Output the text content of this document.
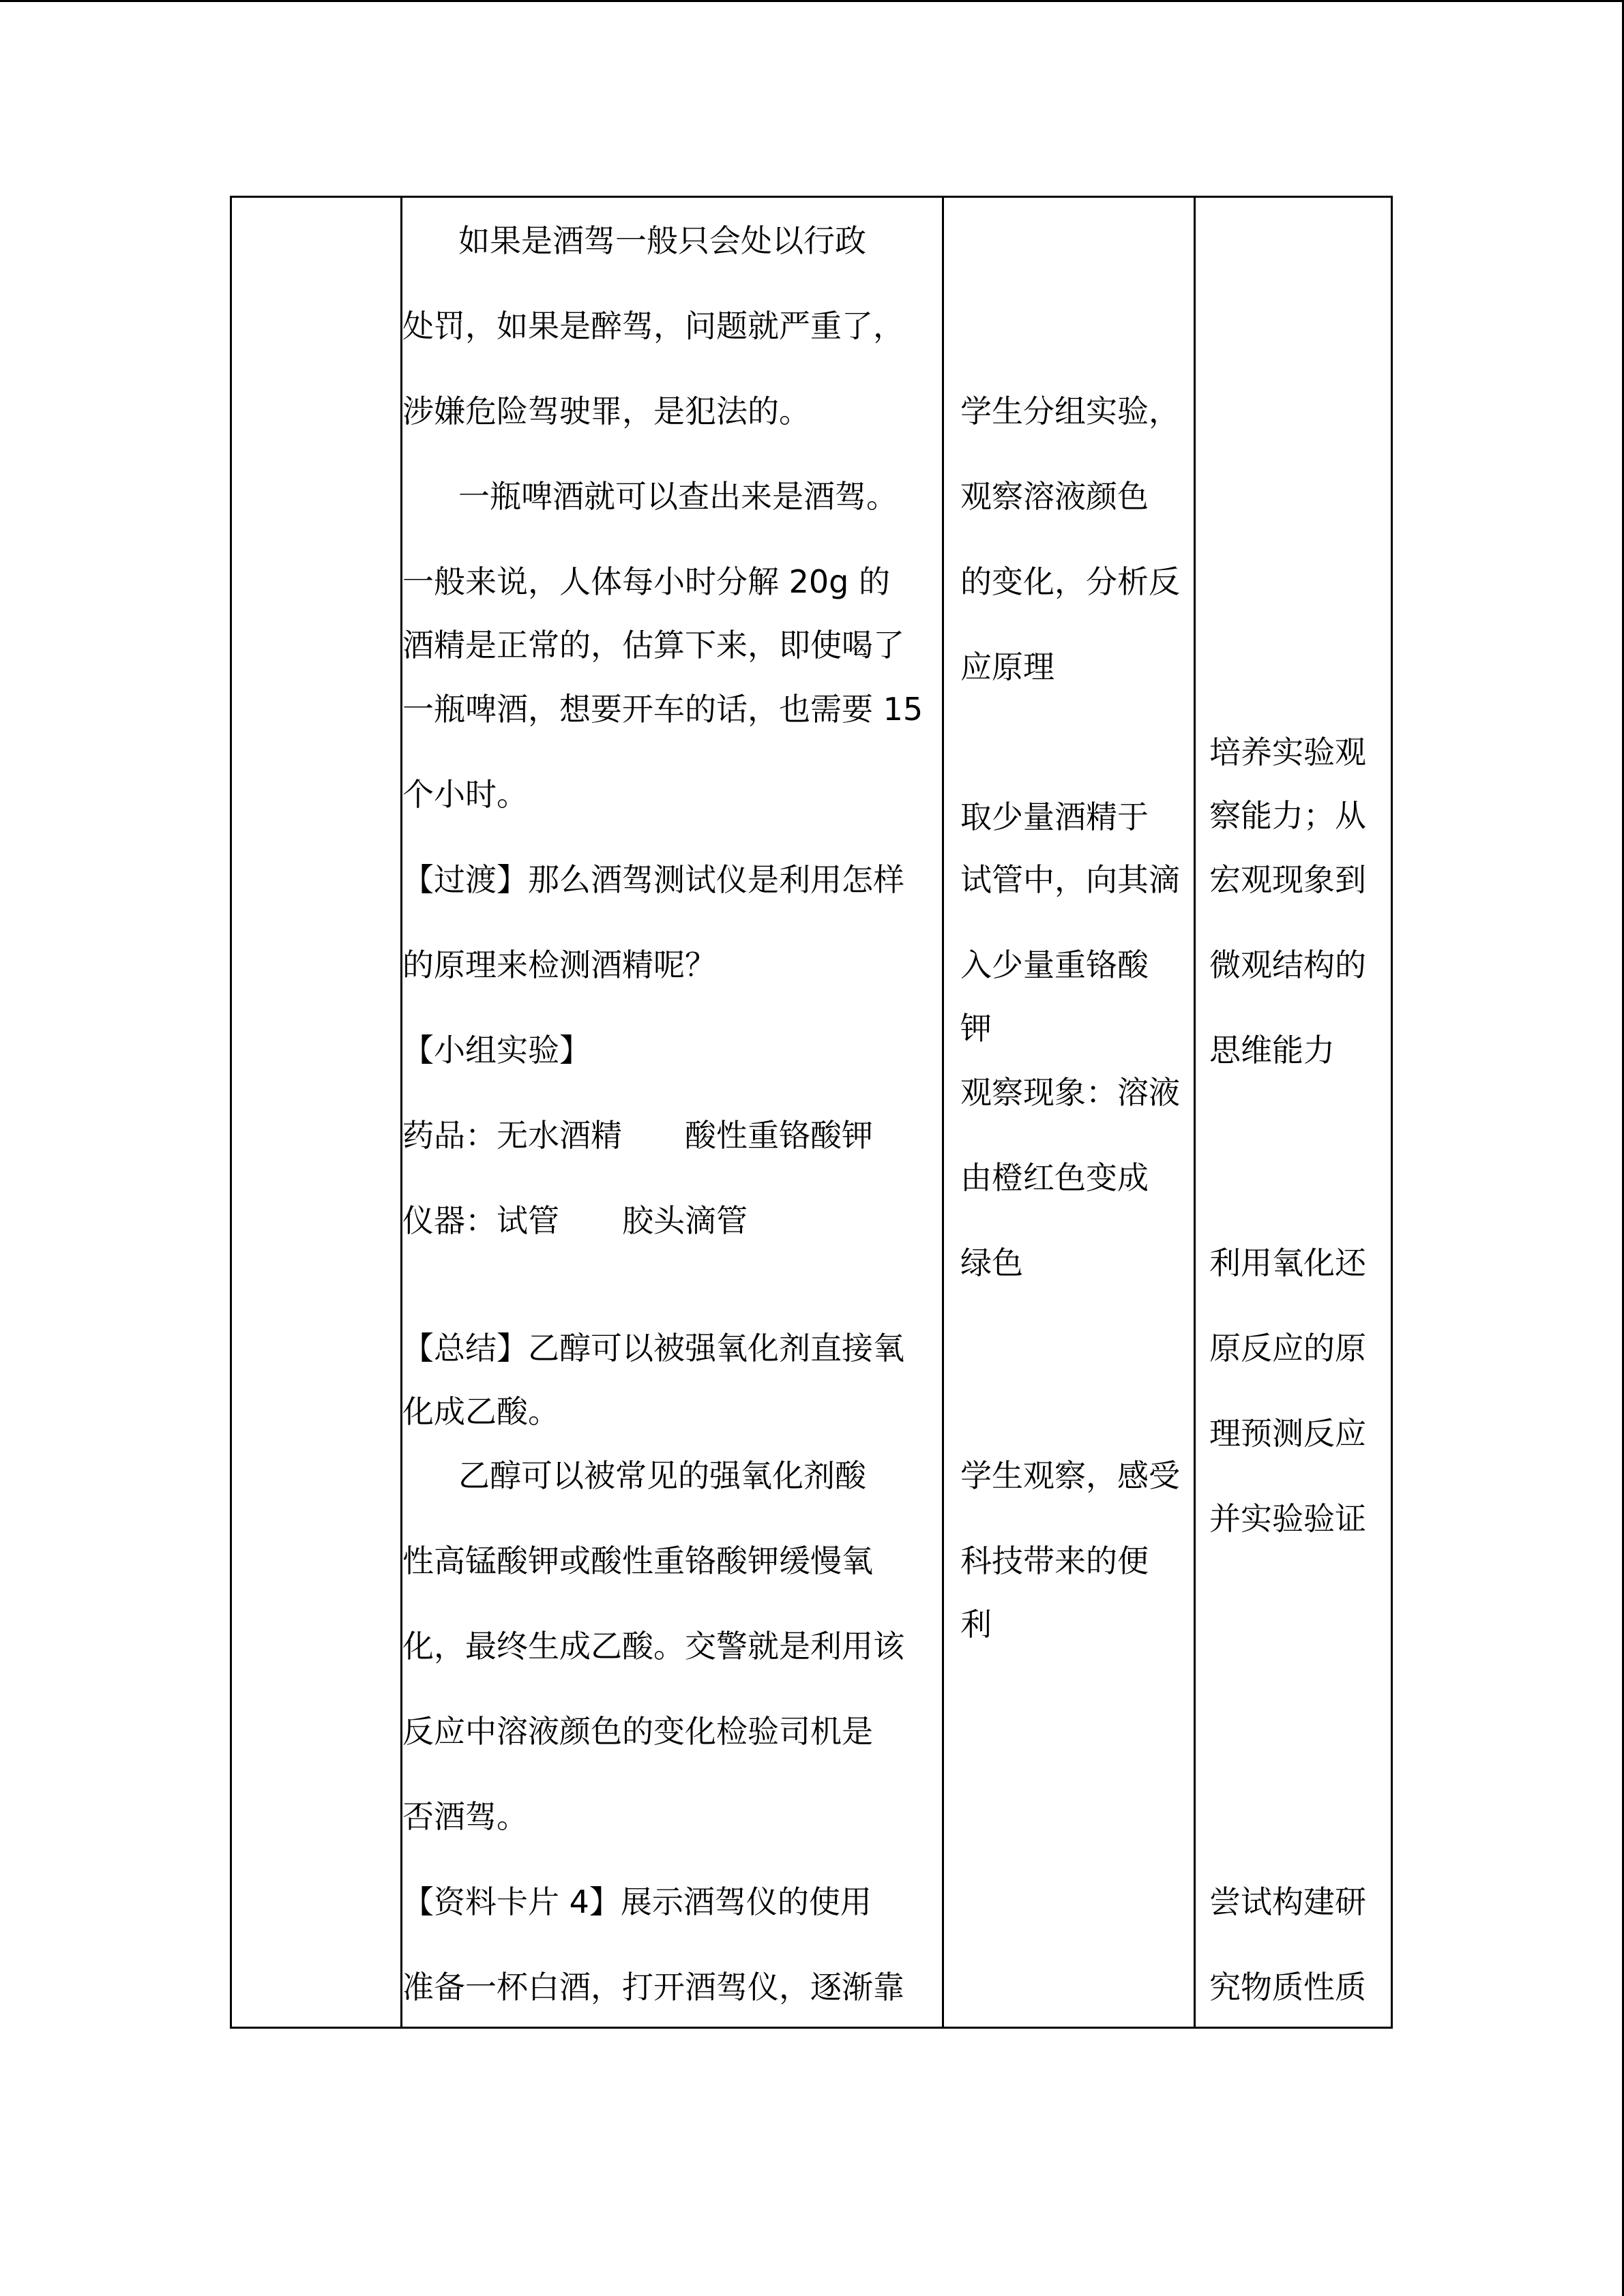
如果是酒驾一般只会处以行政
处罚，如果是醉驾，问题就严重了，
涉嫌危险驾驶罪，是犯法的。
一瓶啤酒就可以查出来是酒驾。
一般来说，人体每小时分解 20g 的
酒精是正常的，估算下来，即使喝了
一瓶啤酒，想要开车的话，也需要 15
个小时。
【过渡】那么酒驾测试仪是利用怎样
的原理来检测酒精呢？
【小组实验】
药品：无水酒精　　酸性重铬酸钾
仪器：试管　　胶头滴管
【总结】乙醇可以被强氧化剂直接氧
化成乙酸。
乙醇可以被常见的强氧化剂酸
性高锰酸钾或酸性重铬酸钾缓慢氧
化，最终生成乙酸。交警就是利用该
反应中溶液颜色的变化检验司机是
否酒驾。
【资料卡片 4】展示酒驾仪的使用
准备一杯白酒，打开酒驾仪，逐渐靠
学生分组实验，
观察溶液颜色
的变化，分析反
应原理
取少量酒精于
试管中，向其滴
入少量重铬酸
钾
观察现象：溶液
由橙红色变成
绿色
学生观察，感受
科技带来的便
利
培养实验观
察能力；从
宏观现象到
微观结构的
思维能力
利用氧化还
原反应的原
理预测反应
并实验验证
尝试构建研
究物质性质
